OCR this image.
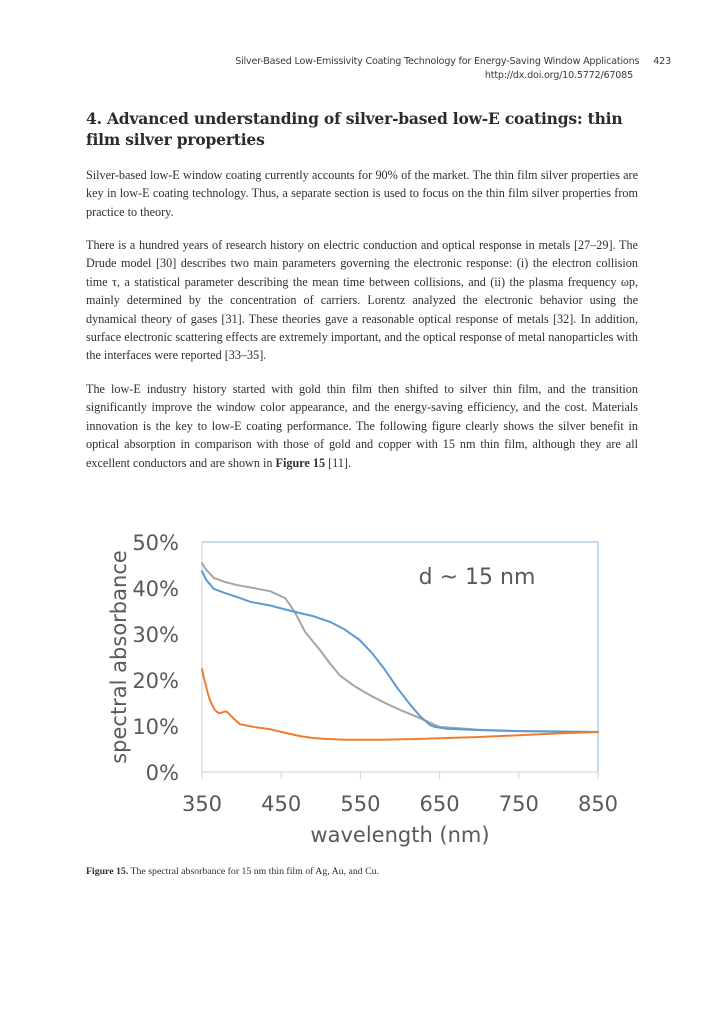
Silver-Based Low-Emissivity Coating Technology for Energy-Saving Window Applications 423
http://dx.doi.org/10.5772/67085
4. Advanced understanding of silver-based low-E coatings: thin film silver properties

Silver-based low-E window coating currently accounts for 90% of the market. The thin film silver properties are key in low-E coating technology. Thus, a separate section is used to focus on the thin film silver properties from practice to theory.

There is a hundred years of research history on electric conduction and optical response in metals [27–29]. The Drude model [30] describes two main parameters governing the electronic response: (i) the electron collision time τ, a statistical parameter describing the mean time between collisions, and (ii) the plasma frequency ωp, mainly determined by the concentration of carriers. Lorentz analyzed the electronic behavior using the dynamical theory of gases [31]. These theories gave a reasonable optical response of metals [32]. In addition, surface electronic scattering effects are extremely important, and the optical response of metal nanoparticles with the interfaces were reported [33–35].

The low-E industry history started with gold thin film then shifted to silver thin film, and the transition significantly improve the window color appearance, and the energy-saving efficiency, and the cost. Materials innovation is the key to low-E coating performance. The following figure clearly shows the silver benefit in optical absorption in comparison with those of gold and copper with 15 nm thin film, although they are all excellent conductors and are shown in Figure 15 [11].

0%
10%
20%
30%
40%
50%
350 450 550 650 750 850
d ~ 15 nm
wavelength (nm)
spectral absorbance

Figure 15. The spectral absorbance for 15 nm thin film of Ag, Au, and Cu.
